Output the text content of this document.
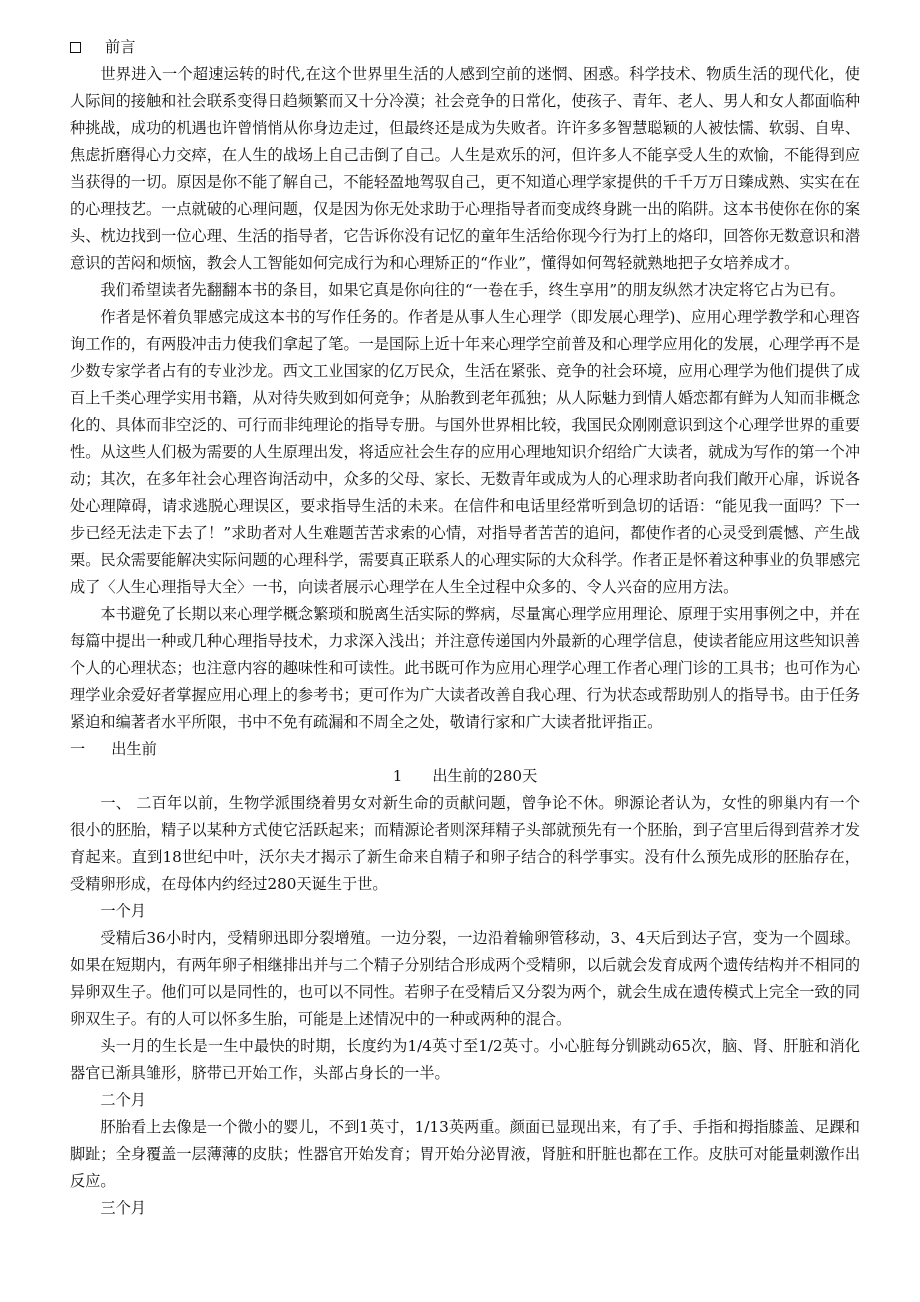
前言

世界进入一个超速运转的时代,在这个世界里生活的人感到空前的迷惘、困惑。科学技术、物质生活的现代化，使人际间的接触和社会联系变得日趋频繁而又十分冷漠；社会竞争的日常化，使孩子、青年、老人、男人和女人都面临种种挑战，成功的机遇也许曾悄悄从你身边走过，但最终还是成为失败者。许许多多智慧聪颖的人被怯懦、软弱、自卑、焦虑折磨得心力交瘁，在人生的战场上自己击倒了自己。人生是欢乐的河，但许多人不能享受人生的欢愉，不能得到应当获得的一切。原因是你不能了解自己，不能轻盈地驾驭自己，更不知道心理学家提供的千千万万日臻成熟、实实在在的心理技艺。一点就破的心理问题，仅是因为你无处求助于心理指导者而变成终身跳一出的陷阱。这本书使你在你的案头、枕边找到一位心理、生活的指导者，它告诉你没有记忆的童年生活给你现今行为打上的烙印，回答你无数意识和潜意识的苦闷和烦恼，教会人工智能如何完成行为和心理矫正的“作业”，懂得如何驾轻就熟地把子女培养成才。

我们希望读者先翻翻本书的条目，如果它真是你向往的“一卷在手，终生享用”的朋友纵然才决定将它占为已有。

作者是怀着负罪感完成这本书的写作任务的。作者是从事人生心理学（即发展心理学)、应用心理学教学和心理咨询工作的，有两股冲击力使我们拿起了笔。一是国际上近十年来心理学空前普及和心理学应用化的发展，心理学再不是少数专家学者占有的专业沙龙。西文工业国家的亿万民众，生活在紧张、竞争的社会环境，应用心理学为他们提供了成百上千类心理学实用书籍，从对待失败到如何竞争；从胎教到老年孤独；从人际魅力到情人婚恋都有鲜为人知而非概念化的、具体而非空泛的、可行而非纯理论的指导专册。与国外世界相比较，我国民众刚刚意识到这个心理学世界的重要性。从这些人们极为需要的人生原理出发，将适应社会生存的应用心理地知识介绍给广大读者，就成为写作的第一个冲动；其次，在多年社会心理咨询活动中，众多的父母、家长、无数青年或成为人的心理求助者向我们敞开心扉，诉说各处心理障碍，请求逃脱心理误区，要求指导生活的未来。在信件和电话里经常听到急切的话语：“能见我一面吗？下一步已经无法走下去了！”求助者对人生难题苦苦求索的心情，对指导者苦苦的追问，都使作者的心灵受到震憾、产生战栗。民众需要能解决实际问题的心理科学，需要真正联系人的心理实际的大众科学。作者正是怀着这种事业的负罪感完成了〈人生心理指导大全〉一书，向读者展示心理学在人生全过程中众多的、令人兴奋的应用方法。

本书避免了长期以来心理学概念繁琐和脱离生活实际的弊病，尽量寓心理学应用理论、原理于实用事例之中，并在每篇中提出一种或几种心理指导技术，力求深入浅出；并注意传递国内外最新的心理学信息，使读者能应用这些知识善个人的心理状态；也注意内容的趣味性和可读性。此书既可作为应用心理学心理工作者心理门诊的工具书；也可作为心理学业余爱好者掌握应用心理上的参考书；更可作为广大读者改善自我心理、行为状态或帮助别人的指导书。由于任务紧迫和编著者水平所限，书中不免有疏漏和不周全之处，敬请行家和广大读者批评指正。

一 出生前
1 出生前的280天

一、 二百年以前，生物学派围绕着男女对新生命的贡献问题，曾争论不休。卵源论者认为，女性的卵巢内有一个很小的胚胎，精子以某种方式使它活跃起来；而精源论者则深拜精子头部就预先有一个胚胎，到子宫里后得到营养才发育起来。直到18世纪中叶，沃尔夫才揭示了新生命来自精子和卵子结合的科学事实。没有什么预先成形的胚胎存在，受精卵形成，在母体内约经过280天诞生于世。

一个月

受精后36小时内，受精卵迅即分裂增殖。一边分裂，一边沿着输卵管移动，3、4天后到达子宫，变为一个圆球。如果在短期内，有两年卵子相继排出并与二个精子分别结合形成两个受精卵，以后就会发育成两个遗传结构并不相同的异卵双生子。他们可以是同性的，也可以不同性。若卵子在受精后又分裂为两个，就会生成在遗传模式上完全一致的同卵双生子。有的人可以怀多生胎，可能是上述情况中的一种或两种的混合。

头一月的生长是一生中最快的时期，长度约为1/4英寸至1/2英寸。小心脏每分钏跳动65次，脑、肾、肝脏和消化器官已渐具雏形，脐带已开始工作，头部占身长的一半。

二个月

肧胎看上去像是一个微小的婴儿，不到1英寸，1/13英两重。颜面已显现出来，有了手、手指和拇指膝盖、足踝和脚趾；全身覆盖一层薄薄的皮肤；性器官开始发育；胃开始分泌胃液，肾脏和肝脏也都在工作。皮肤可对能量刺激作出反应。

三个月
